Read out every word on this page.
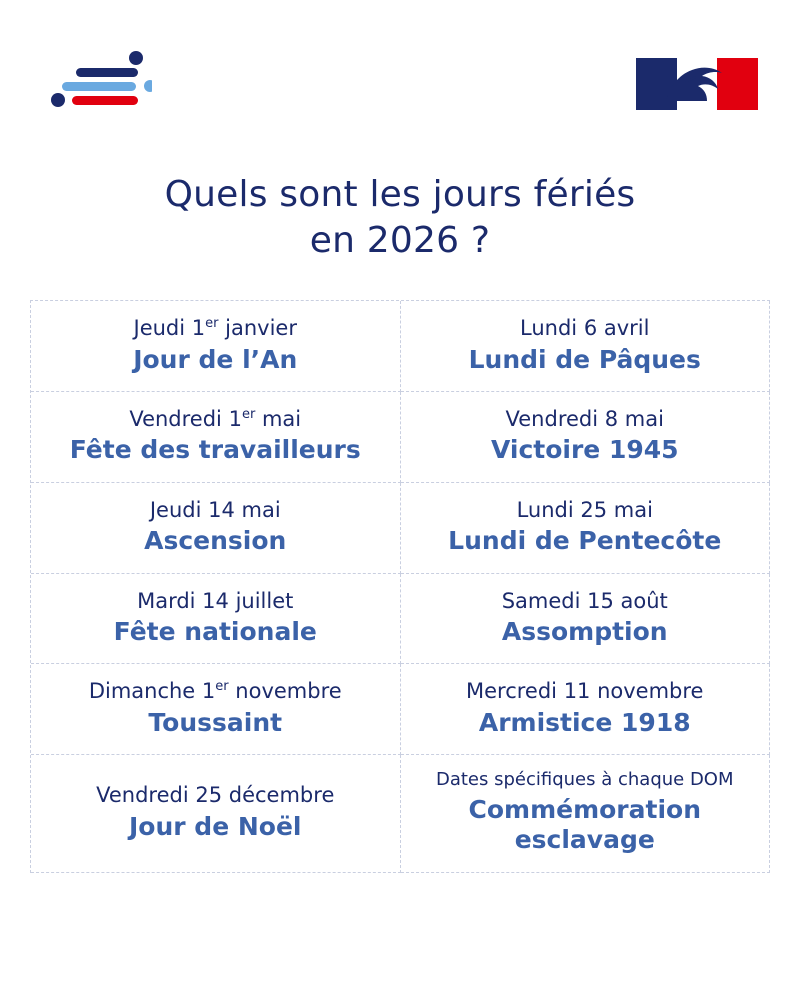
Quels sont les jours fériés
en 2026 ?
Jeudi 1er janvier
Jour de l’An
Lundi 6 avril
Lundi de Pâques
Vendredi 1er mai
Fête des travailleurs
Vendredi 8 mai
Victoire 1945
Jeudi 14 mai
Ascension
Lundi 25 mai
Lundi de Pentecôte
Mardi 14 juillet
Fête nationale
Samedi 15 août
Assomption
Dimanche 1er novembre
Toussaint
Mercredi 11 novembre
Armistice 1918
Vendredi 25 décembre
Jour de Noël
Dates spécifiques à chaque DOM
Commémoration esclavage
